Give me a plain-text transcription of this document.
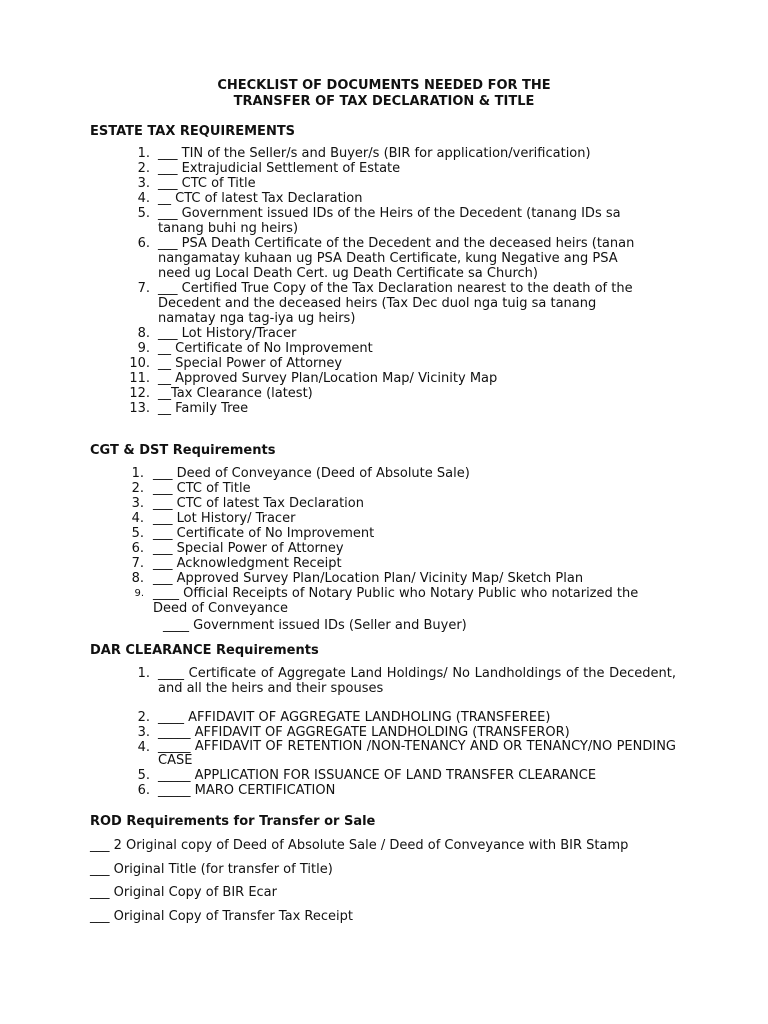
CHECKLIST OF DOCUMENTS NEEDED FOR THE
TRANSFER OF TAX DECLARATION & TITLE
ESTATE TAX REQUIREMENTS
1. ___ TIN of the Seller/s and Buyer/s (BIR for application/verification)
2. ___ Extrajudicial Settlement of Estate
3. ___ CTC of Title
4. __ CTC of latest Tax Declaration
5. ___ Government issued IDs of the Heirs of the Decedent (tanang IDs sa tanang buhi ng heirs)
6. ___ PSA Death Certificate of the Decedent and the deceased heirs (tanan nangamatay kuhaan ug PSA Death Certificate, kung Negative ang PSA need ug Local Death Cert. ug Death Certificate sa Church)
7. ___ Certified True Copy of the Tax Declaration nearest to the death of the Decedent and the deceased heirs (Tax Dec duol nga tuig sa tanang namatay nga tag-iya ug heirs)
8. ___ Lot History/Tracer
9. __ Certificate of No Improvement
10. __ Special Power of Attorney
11. __ Approved Survey Plan/Location Map/ Vicinity Map
12. __Tax Clearance (latest)
13. __ Family Tree
CGT & DST Requirements
1. ___ Deed of Conveyance (Deed of Absolute Sale)
2. ___ CTC of Title
3. ___ CTC of latest Tax Declaration
4. ___ Lot History/ Tracer
5. ___ Certificate of No Improvement
6. ___ Special Power of Attorney
7. ___ Acknowledgment Receipt
8. ___ Approved Survey Plan/Location Plan/ Vicinity Map/ Sketch Plan
9. ____ Official Receipts of Notary Public who Notary Public who notarized the Deed of Conveyance
____ Government issued IDs (Seller and Buyer)
DAR CLEARANCE Requirements
1. ____ Certificate of Aggregate Land Holdings/ No Landholdings of the Decedent, and all the heirs and their spouses
2. ____ AFFIDAVIT OF AGGREGATE LANDHOLING (TRANSFEREE)
3. _____ AFFIDAVIT OF AGGREGATE LANDHOLDING (TRANSFEROR)
4. _____ AFFIDAVIT OF RETENTION /NON-TENANCY AND OR TENANCY/NO PENDING CASE
5. _____ APPLICATION FOR ISSUANCE OF LAND TRANSFER CLEARANCE
6. _____ MARO CERTIFICATION
ROD Requirements for Transfer or Sale
___ 2 Original copy of Deed of Absolute Sale / Deed of Conveyance with BIR Stamp
___ Original Title (for transfer of Title)
___ Original Copy of BIR Ecar
___ Original Copy of Transfer Tax Receipt
